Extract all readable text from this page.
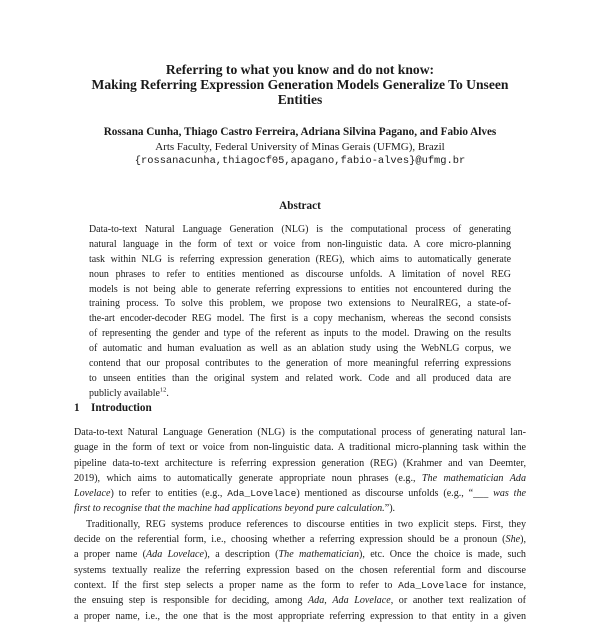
Referring to what you know and do not know:
Making Referring Expression Generation Models Generalize To Unseen
Entities
Rossana Cunha, Thiago Castro Ferreira, Adriana Silvina Pagano, and Fabio Alves
Arts Faculty, Federal University of Minas Gerais (UFMG), Brazil
{rossanacunha,thiagocf05,apagano,fabio-alves}@ufmg.br
Abstract
Data-to-text Natural Language Generation (NLG) is the computational process of generating
natural language in the form of text or voice from non-linguistic data. A core micro-planning
task within NLG is referring expression generation (REG), which aims to automatically generate
noun phrases to refer to entities mentioned as discourse unfolds. A limitation of novel REG
models is not being able to generate referring expressions to entities not encountered during the
training process. To solve this problem, we propose two extensions to NeuralREG, a state-of-
the-art encoder-decoder REG model. The first is a copy mechanism, whereas the second consists
of representing the gender and type of the referent as inputs to the model. Drawing on the results
of automatic and human evaluation as well as an ablation study using the WebNLG corpus, we
contend that our proposal contributes to the generation of more meaningful referring expressions
to unseen entities than the original system and related work. Code and all produced data are
publicly available$^{12}$.
1 Introduction
Data-to-text Natural Language Generation (NLG) is the computational process of generating natural lan-
guage in the form of text or voice from non-linguistic data. A traditional micro-planning task within the
pipeline data-to-text architecture is referring expression generation (REG) (Krahmer and van Deemter,
2019), which aims to automatically generate appropriate noun phrases (e.g., The mathematician Ada
Lovelace) to refer to entities (e.g., Ada_Lovelace) mentioned as discourse unfolds (e.g., “___ was the
first to recognise that the machine had applications beyond pure calculation.”).
Traditionally, REG systems produce references to discourse entities in two explicit steps. First, they
decide on the referential form, i.e., choosing whether a referring expression should be a pronoun (She),
a proper name (Ada Lovelace), a description (The mathematician), etc. Once the choice is made, such
systems textually realize the referring expression based on the chosen referential form and discourse
context. If the first step selects a proper name as the form to refer to Ada_Lovelace for instance,
the ensuing step is responsible for deciding, among Ada, Ada Lovelace, or another text realization of
a proper name, i.e., the one that is the most appropriate referring expression to that entity in a given
